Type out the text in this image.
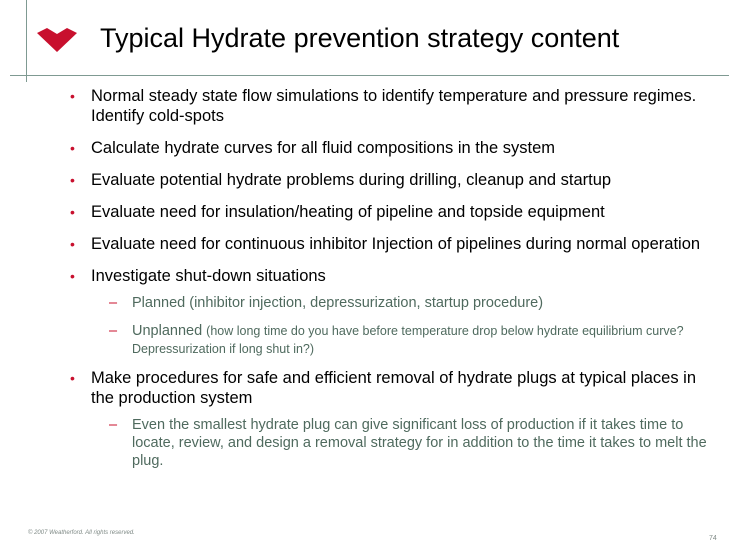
Typical Hydrate prevention strategy content
• Normal steady state flow simulations to identify temperature and pressure regimes. Identify cold-spots
• Calculate hydrate curves for all fluid compositions in the system
• Evaluate potential hydrate problems during drilling, cleanup and startup
• Evaluate need for insulation/heating of pipeline and topside equipment
• Evaluate need for continuous inhibitor Injection of pipelines during normal operation
• Investigate shut-down situations
– Planned (inhibitor injection, depressurization, startup procedure)
– Unplanned (how long time do you have before temperature drop below hydrate equilibrium curve? Depressurization if long shut in?)
• Make procedures for safe and efficient removal of hydrate plugs at typical places in the production system
– Even the smallest hydrate plug can give significant loss of production if it takes time to locate, review, and design a removal strategy for in addition to the time it takes to melt the plug.
© 2007 Weatherford. All rights reserved.
74
